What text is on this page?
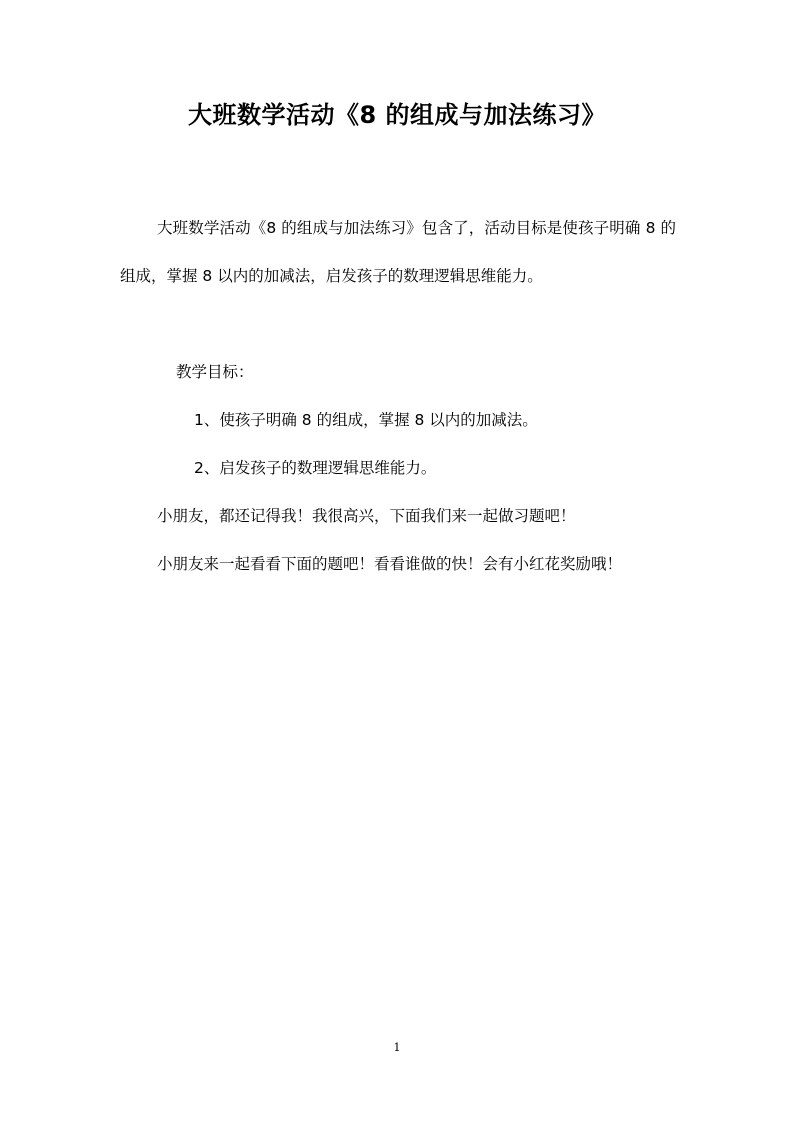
大班数学活动《8 的组成与加法练习》
大班数学活动《8 的组成与加法练习》包含了，活动目标是使孩子明确 8 的组成，掌握 8 以内的加减法，启发孩子的数理逻辑思维能力。
教学目标：
1、使孩子明确 8 的组成，掌握 8 以内的加减法。
2、启发孩子的数理逻辑思维能力。
小朋友，都还记得我！我很高兴，下面我们来一起做习题吧！
小朋友来一起看看下面的题吧！看看谁做的快！会有小红花奖励哦！
1
